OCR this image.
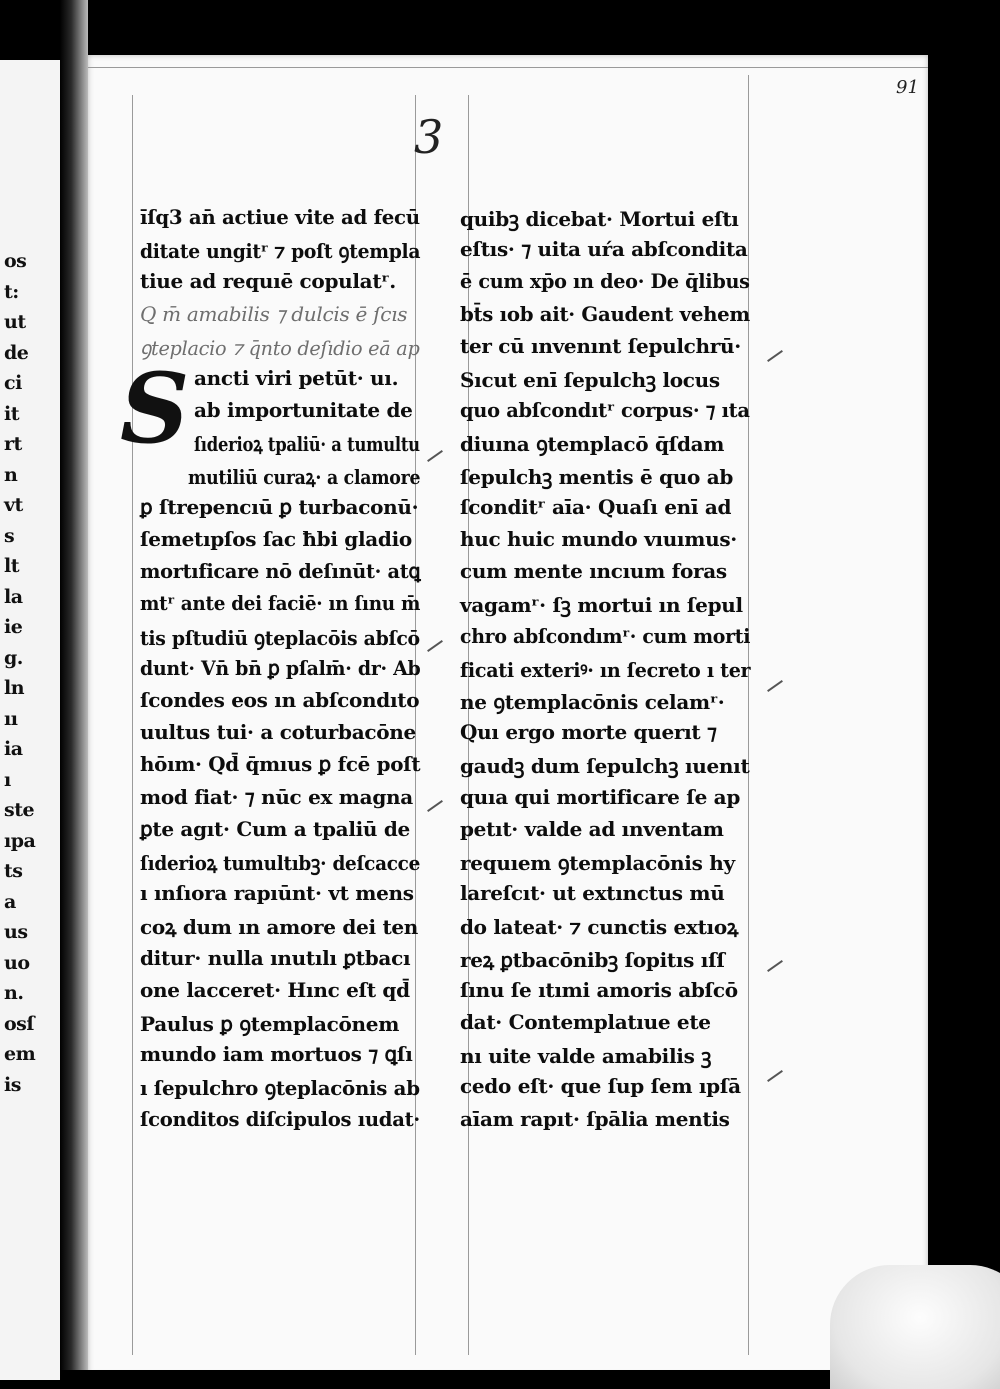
os
t:
ut
de
ci
it
rt
n
vt
s
lt
la
ie
g.
ln
ıı
ia
ı
ste
ıpa
ts
a
us
uo
n.
osſ
em
is
91
3
ı̄ſq3 an̄ actiue vite ad fecū
ditate ungitʳ ⁊ poſt ꝯtempla
tiue ad requıē copulatʳ.
Q m̄ amabilis ⁊ dulcis ē ſcıs
ꝯteplacio ⁊ q̄nto deſıdio eā ap
S ancti viri petūt· uı.
ab importunitate de
ſıderioꝝ tpaliū· a tumultu
mutiliū curaꝝ· a clamore
ꝑ ſtrepencıū ꝑ turbaconū·
ſemetıpſos ſac ħbi gladio
mortıficare nō deſınūt· atꝗ
mtʳ ante dei faciē· ın ſınu m̄
tis pſtudiū ꝯteplacōis abſcō
dunt· Vn̄ bn̄ ꝑ pſalm̄· dr· Ab
ſcondes eos ın abſcondıto
uultus tui· a coturbacōne
hōım· Qd̄ q̄mıus ꝑ fcē poſt
mod fiat· ⁊ nūc ex magna
ꝑte agıt· Cum a tpaliū de
ſıderioꝝ tumultıbꝫ· deſcacce
ı ınſıora rapıūnt· vt mens
coꝝ dum ın amore dei ten
ditur· nulla ınutılı ꝑtbacı
one lacceret· Hınc eſt qd̄
Paulus ꝑ ꝯtemplacōnem
mundo iam mortuos ⁊ ꝗſı
ı ſepulchro ꝯteplacōnis ab
ſconditos diſcipulos ıudat·
quibꝫ dicebat· Mortui eſtı
eſtıs· ⁊ uita uŕa abſcondita
ē cum xp̄o ın deo· De q̄libus
bt̄s ıob ait· Gaudent vehem
ter cū ınvenınt ſepulchrū·
Sıcut enī ſepulchꝫ locus
quo abſcondıtʳ corpus· ⁊ ıta
diuına ꝯtemplacō q̄ſdam
ſepulchꝫ mentis ē quo ab
ſconditʳ aīa· Quaſı enī ad
huc huic mundo vıuımus·
cum mente ıncıum foras
vagamʳ· ſꝫ mortui ın ſepul
chro abſcondımʳ· cum morti
ficati exteriꝰ· ın ſecreto ı ter
ne ꝯtemplacōnis celamʳ·
Quı ergo morte querıt ⁊
gaudꝫ dum ſepulchꝫ ıuenıt
quıa qui mortificare ſe ap
petıt· valde ad ınventam
requıem ꝯtemplacōnis hy
lareſcıt· ut extınctus mū
do lateat· ⁊ cunctis extıoꝝ
reꝝ ꝑtbacōnibꝫ ſopitıs ıſſ
ſınu ſe ıtımi amoris abſcō
dat· Contemplatıue ete
nı uite valde amabilis ꝫ
cedo eſt· que ſup ſem ıpſā
aīam rapıt· ſpālia mentis
